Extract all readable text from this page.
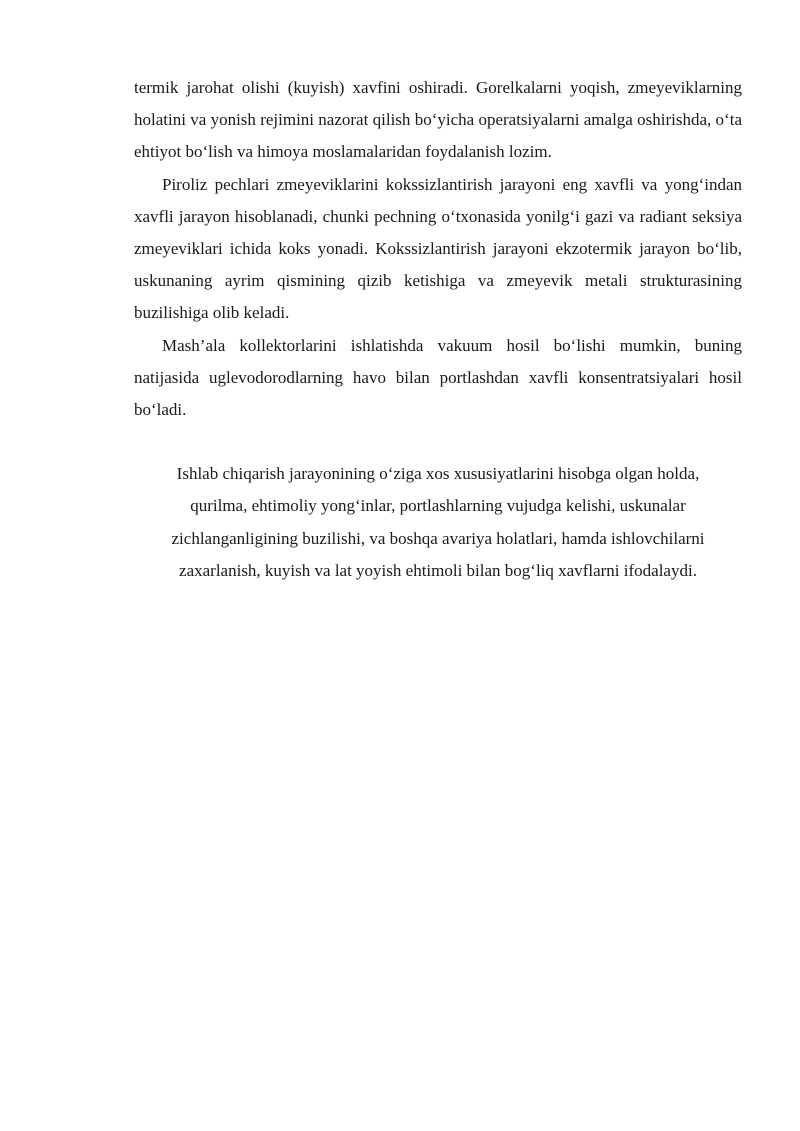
termik jarohat olishi (kuyish) xavfini oshiradi. Gorelkalarni yoqish, zmeyeviklarning holatini va yonish rejimini nazorat qilish bo‘yicha operatsiyalarni amalga oshirishda, o‘ta ehtiyot bo‘lish va himoya moslamalaridan foydalanish lozim.

Piroliz pechlari zmeyeviklarini kokssizlantirish jarayoni eng xavfli va yong‘indan xavfli jarayon hisoblanadi, chunki pechning o‘txonasida yonilg‘i gazi va radiant seksiya zmeyeviklari ichida koks yonadi. Kokssizlantirish jarayoni ekzotermik jarayon bo‘lib, uskunaning ayrim qismining qizib ketishiga va zmeyevik metali strukturasining buzilishiga olib keladi.

Mash’ala kollektorlarini ishlatishda vakuum hosil bo‘lishi mumkin, buning natijasida uglevodorodlarning havo bilan portlashdan xavfli konsentratsiyalari hosil bo‘ladi.

Ishlab chiqarish jarayonining o‘ziga xos xususiyatlarini hisobga olgan holda,
qurilma, ehtimoliy yong‘inlar, portlashlarning vujudga kelishi, uskunalar
zichlanganligining buzilishi, va boshqa avariya holatlari, hamda ishlovchilarni
zaxarlanish, kuyish va lat yoyish ehtimoli bilan bog‘liq xavflarni ifodalaydi.
